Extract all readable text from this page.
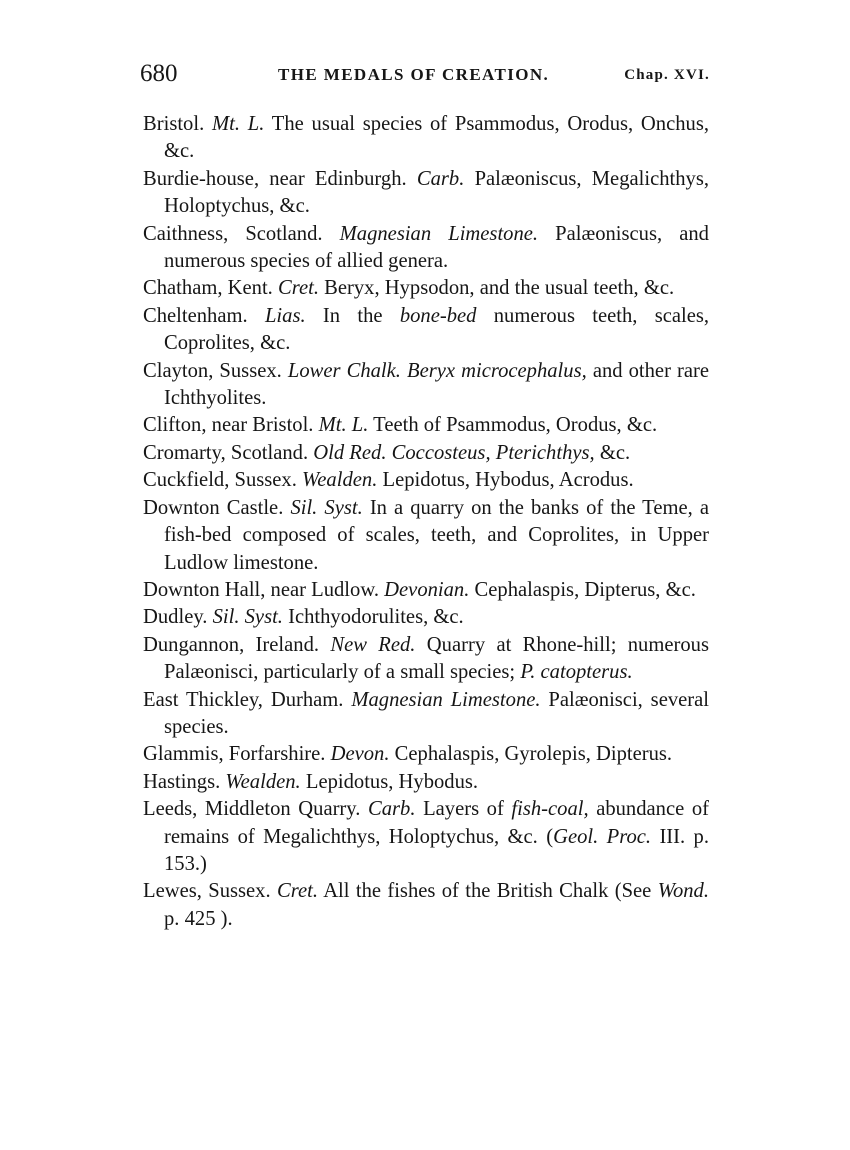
680	THE MEDALS OF CREATION.	Chap. XVI.

Bristol. Mt. L. The usual species of Psammodus, Orodus, Onchus, &c.

Burdie-house, near Edinburgh. Carb. Palæoniscus, Megalichthys, Holoptychus, &c.

Caithness, Scotland. Magnesian Limestone. Palæoniscus, and numerous species of allied genera.

Chatham, Kent. Cret. Beryx, Hypsodon, and the usual teeth, &c.

Cheltenham. Lias. In the bone-bed numerous teeth, scales, Coprolites, &c.

Clayton, Sussex. Lower Chalk. Beryx microcephalus, and other rare Ichthyolites.

Clifton, near Bristol. Mt. L. Teeth of Psammodus, Orodus, &c.

Cromarty, Scotland. Old Red. Coccosteus, Pterichthys, &c.

Cuckfield, Sussex. Wealden. Lepidotus, Hybodus, Acrodus.

Downton Castle. Sil. Syst. In a quarry on the banks of the Teme, a fish-bed composed of scales, teeth, and Coprolites, in Upper Ludlow limestone.

Downton Hall, near Ludlow. Devonian. Cephalaspis, Dipterus, &c.

Dudley. Sil. Syst. Ichthyodorulites, &c.

Dungannon, Ireland. New Red. Quarry at Rhone-hill; numerous Palæonisci, particularly of a small species; P. catopterus.

East Thickley, Durham. Magnesian Limestone. Palæonisci, several species.

Glammis, Forfarshire. Devon. Cephalaspis, Gyrolepis, Dipterus.

Hastings. Wealden. Lepidotus, Hybodus.

Leeds, Middleton Quarry. Carb. Layers of fish-coal, abundance of remains of Megalichthys, Holoptychus, &c. (Geol. Proc. III. p. 153.)

Lewes, Sussex. Cret. All the fishes of the British Chalk (See Wond. p. 425 ).
